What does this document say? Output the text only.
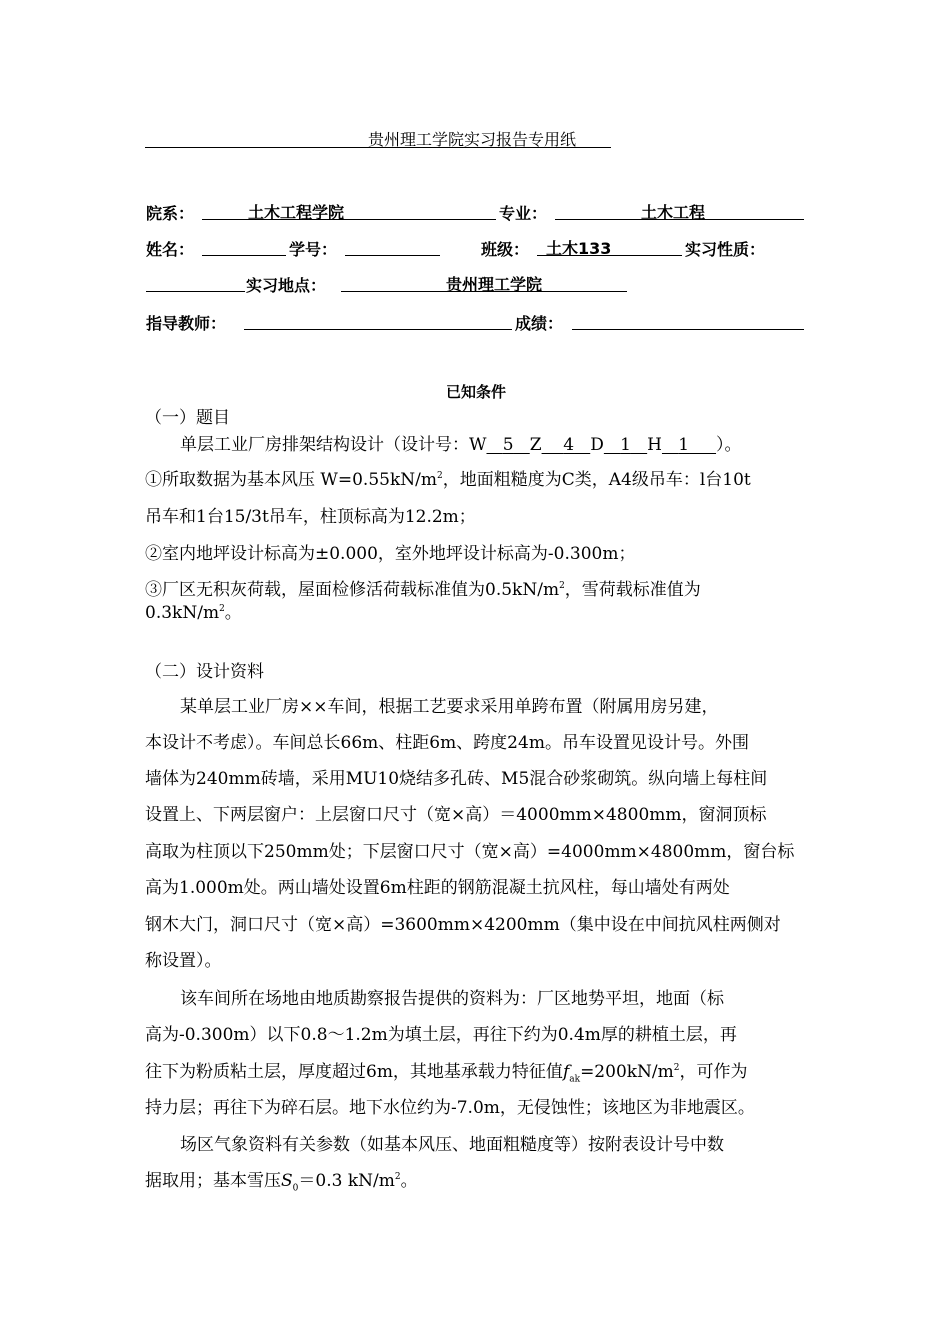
贵州理工学院实习报告专用纸
院系：	土木工程学院	专业：	土木工程
姓名：	学号：	班级： 土木133	实习性质：
实习地点：	贵州理工学院
指导教师：	成绩：
已知条件
（一）题目
单层工业厂房排架结构设计（设计号：W 5 Z 4 D 1 H 1 ）。
①所取数据为基本风压 $W=0.55kN/m^2$，地面粗糙度为C类，A4级吊车：l台10t
吊车和1台15/3t吊车，柱顶标高为12.2m；
②室内地坪设计标高为±0.000，室外地坪设计标高为-0.300m；
③厂区无积灰荷载，屋面检修活荷载标准值为$0.5kN/m^2$，雪荷载标准值为
$0.3kN/m^2$。
（二）设计资料
某单层工业厂房××车间，根据工艺要求采用单跨布置（附属用房另建，
本设计不考虑）。车间总长66m、柱距6m、跨度24m。吊车设置见设计号。外围
墙体为240mm砖墙，采用MU10烧结多孔砖、M5混合砂浆砌筑。纵向墙上每柱间
设置上、下两层窗户：上层窗口尺寸（宽×高）＝4000mm×4800mm，窗洞顶标
高取为柱顶以下250mm处；下层窗口尺寸（宽×高）=4000mm×4800mm，窗台标
高为1.000m处。两山墙处设置6m柱距的钢筋混凝土抗风柱，每山墙处有两处
钢木大门，洞口尺寸（宽×高）=3600mm×4200mm（集中设在中间抗风柱两侧对
称设置）。
该车间所在场地由地质勘察报告提供的资料为：厂区地势平坦，地面（标
高为-0.300m）以下0.8～1.2m为填土层，再往下约为0.4m厚的耕植土层，再
往下为粉质粘土层，厚度超过6m，其地基承载力特征值$f_{ak}=200kN/m^2$，可作为
持力层；再往下为碎石层。地下水位约为-7.0m，无侵蚀性；该地区为非地震区。
场区气象资料有关参数（如基本风压、地面粗糙度等）按附表设计号中数
据取用；基本雪压$S_0=0.3$ $kN/m^2$。
